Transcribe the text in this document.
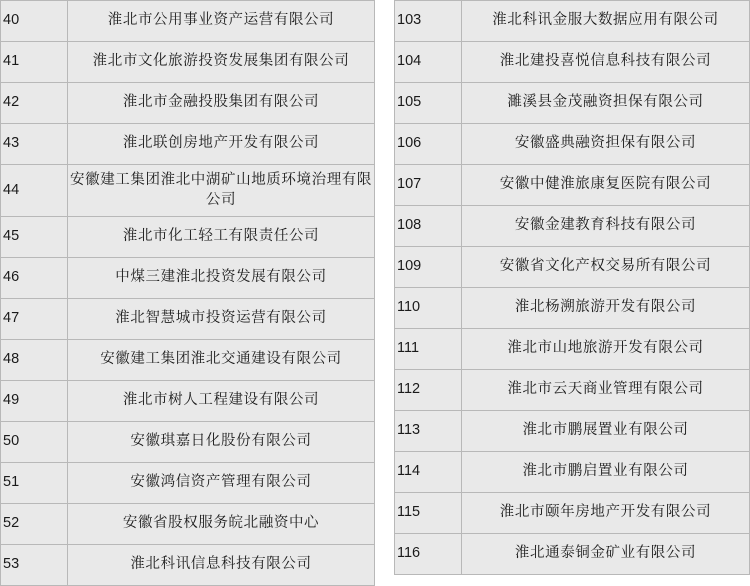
40	淮北市公用事业资产运营有限公司
41	淮北市文化旅游投资发展集团有限公司
42	淮北市金融投股集团有限公司
43	淮北联创房地产开发有限公司
44	安徽建工集团淮北中湖矿山地质环境治理有限公司
45	淮北市化工轻工有限责任公司
46	中煤三建淮北投资发展有限公司
47	淮北智慧城市投资运营有限公司
48	安徽建工集团淮北交通建设有限公司
49	淮北市树人工程建设有限公司
50	安徽琪嘉日化股份有限公司
51	安徽鸿信资产管理有限公司
52	安徽省股权服务皖北融资中心
53	淮北科讯信息科技有限公司
103	淮北科讯金服大数据应用有限公司
104	淮北建投喜悦信息科技有限公司
105	濉溪县金茂融资担保有限公司
106	安徽盛典融资担保有限公司
107	安徽中健淮旅康复医院有限公司
108	安徽金建教育科技有限公司
109	安徽省文化产权交易所有限公司
110	淮北杨溯旅游开发有限公司
111	淮北市山地旅游开发有限公司
112	淮北市云天商业管理有限公司
113	淮北市鹏展置业有限公司
114	淮北市鹏启置业有限公司
115	淮北市颐年房地产开发有限公司
116	淮北通泰铜金矿业有限公司
